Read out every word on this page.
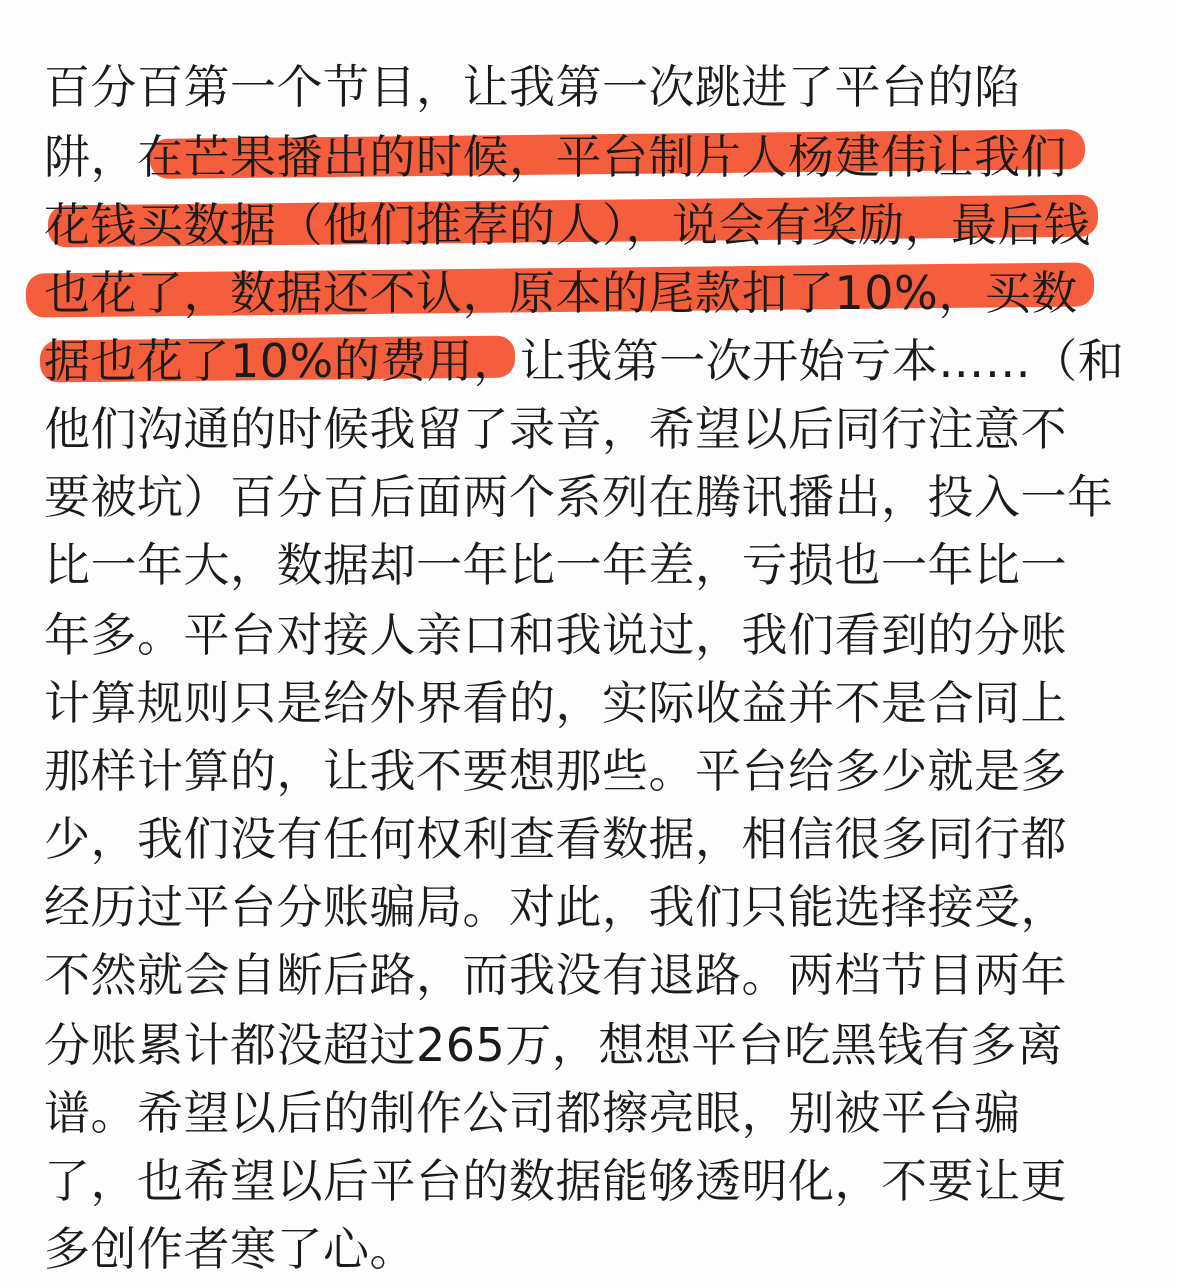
百分百第一个节目，让我第一次跳进了平台的陷
阱，在芒果播出的时候，平台制片人杨建伟让我们
花钱买数据（他们推荐的人），说会有奖励，最后钱
也花了，数据还不认，原本的尾款扣了10%，买数
据也花了10%的费用，让我第一次开始亏本……（和
他们沟通的时候我留了录音，希望以后同行注意不
要被坑）百分百后面两个系列在腾讯播出，投入一年
比一年大，数据却一年比一年差，亏损也一年比一
年多。平台对接人亲口和我说过，我们看到的分账
计算规则只是给外界看的，实际收益并不是合同上
那样计算的，让我不要想那些。平台给多少就是多
少，我们没有任何权利查看数据，相信很多同行都
经历过平台分账骗局。对此，我们只能选择接受，
不然就会自断后路，而我没有退路。两档节目两年
分账累计都没超过265万，想想平台吃黑钱有多离
谱。希望以后的制作公司都擦亮眼，别被平台骗
了，也希望以后平台的数据能够透明化，不要让更
多创作者寒了心。
